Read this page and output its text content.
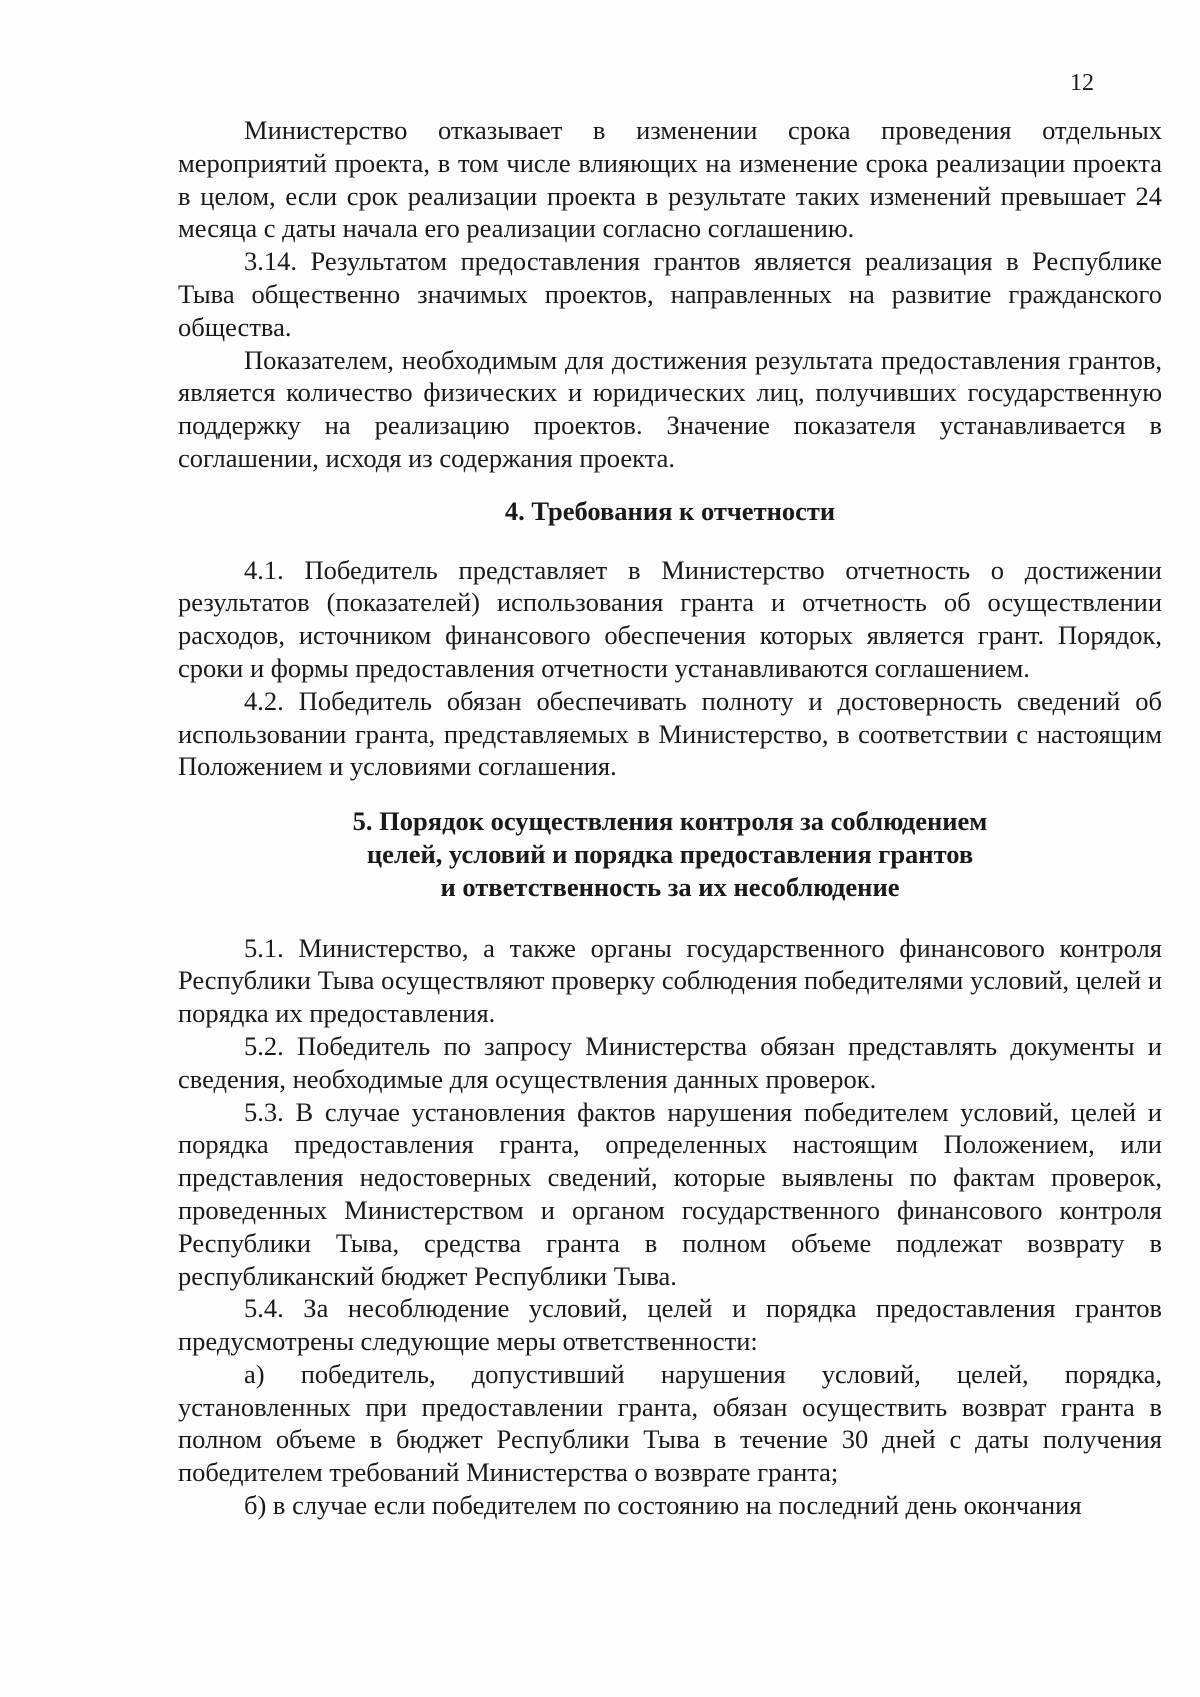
12

Министерство отказывает в изменении срока проведения отдельных мероприятий проекта, в том числе влияющих на изменение срока реализации проекта в целом, если срок реализации проекта в результате таких изменений превышает 24 месяца с даты начала его реализации согласно соглашению.

3.14. Результатом предоставления грантов является реализация в Республике Тыва общественно значимых проектов, направленных на развитие гражданского общества.

Показателем, необходимым для достижения результата предоставления грантов, является количество физических и юридических лиц, получивших государственную поддержку на реализацию проектов. Значение показателя устанавливается в соглашении, исходя из содержания проекта.

4. Требования к отчетности

4.1. Победитель представляет в Министерство отчетность о достижении результатов (показателей) использования гранта и отчетность об осуществлении расходов, источником финансового обеспечения которых является грант. Порядок, сроки и формы предоставления отчетности устанавливаются соглашением.

4.2. Победитель обязан обеспечивать полноту и достоверность сведений об использовании гранта, представляемых в Министерство, в соответствии с настоящим Положением и условиями соглашения.

5. Порядок осуществления контроля за соблюдением
целей, условий и порядка предоставления грантов
и ответственность за их несоблюдение

5.1. Министерство, а также органы государственного финансового контроля Республики Тыва осуществляют проверку соблюдения победителями условий, целей и порядка их предоставления.

5.2. Победитель по запросу Министерства обязан представлять документы и сведения, необходимые для осуществления данных проверок.

5.3. В случае установления фактов нарушения победителем условий, целей и порядка предоставления гранта, определенных настоящим Положением, или представления недостоверных сведений, которые выявлены по фактам проверок, проведенных Министерством и органом государственного финансового контроля Республики Тыва, средства гранта в полном объеме подлежат возврату в республиканский бюджет Республики Тыва.

5.4. За несоблюдение условий, целей и порядка предоставления грантов предусмотрены следующие меры ответственности:

а) победитель, допустивший нарушения условий, целей, порядка, установленных при предоставлении гранта, обязан осуществить возврат гранта в полном объеме в бюджет Республики Тыва в течение 30 дней с даты получения победителем требований Министерства о возврате гранта;

б) в случае если победителем по состоянию на последний день окончания
